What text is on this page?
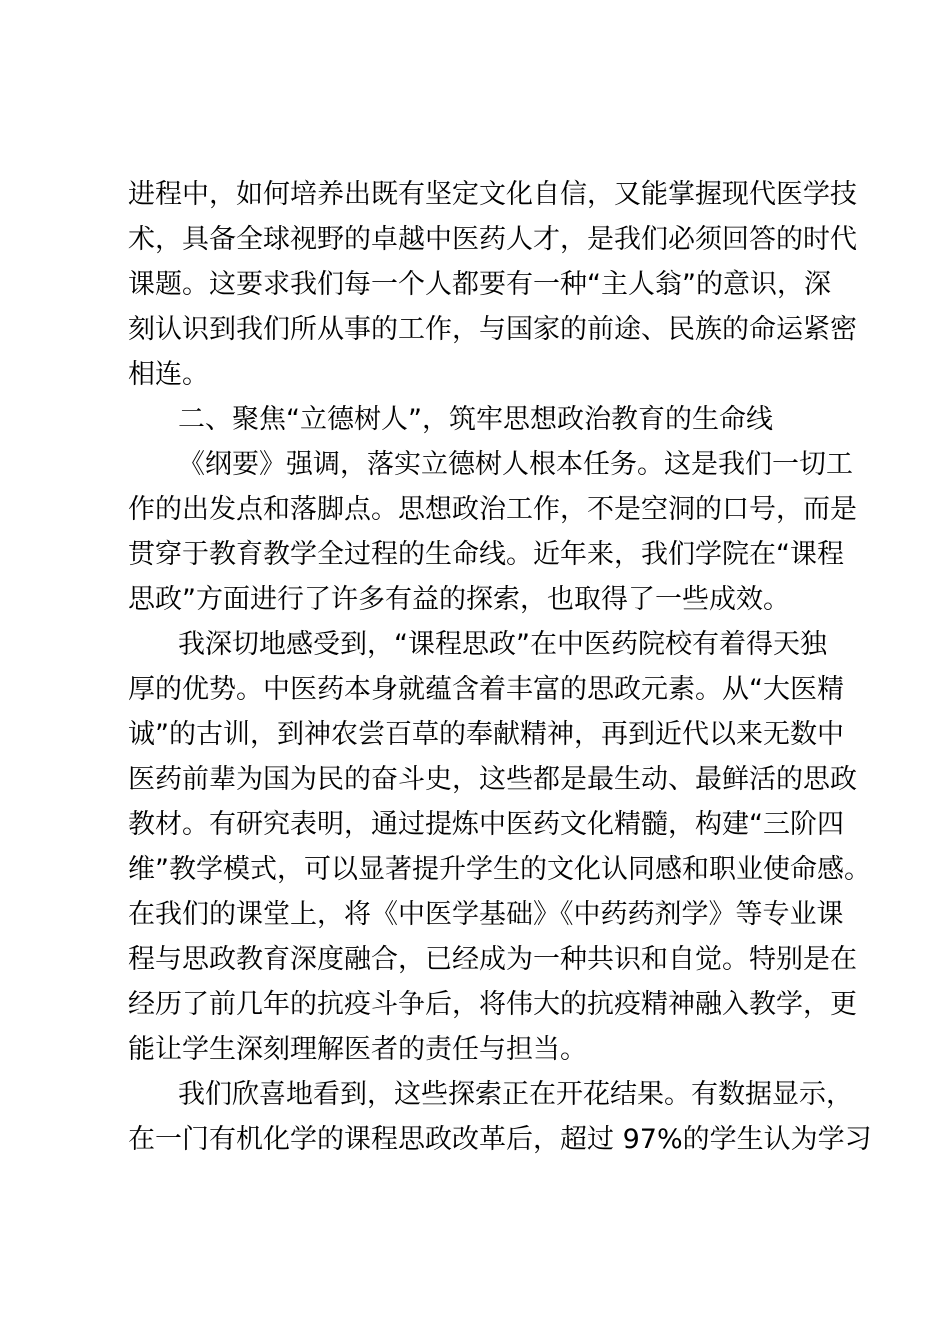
进程中，如何培养出既有坚定文化自信，又能掌握现代医学技
术，具备全球视野的卓越中医药人才，是我们必须回答的时代
课题。这要求我们每一个人都要有一种“主人翁”的意识，深
刻认识到我们所从事的工作，与国家的前途、民族的命运紧密
相连。
二、聚焦“立德树人”，筑牢思想政治教育的生命线
《纲要》强调，落实立德树人根本任务。这是我们一切工
作的出发点和落脚点。思想政治工作，不是空洞的口号，而是
贯穿于教育教学全过程的生命线。近年来，我们学院在“课程
思政”方面进行了许多有益的探索，也取得了一些成效。
我深切地感受到，“课程思政”在中医药院校有着得天独
厚的优势。中医药本身就蕴含着丰富的思政元素。从“大医精
诚”的古训，到神农尝百草的奉献精神，再到近代以来无数中
医药前辈为国为民的奋斗史，这些都是最生动、最鲜活的思政
教材。有研究表明，通过提炼中医药文化精髓，构建“三阶四
维”教学模式，可以显著提升学生的文化认同感和职业使命感。
在我们的课堂上，将《中医学基础》《中药药剂学》等专业课
程与思政教育深度融合，已经成为一种共识和自觉。特别是在
经历了前几年的抗疫斗争后，将伟大的抗疫精神融入教学，更
能让学生深刻理解医者的责任与担当。
我们欣喜地看到，这些探索正在开花结果。有数据显示，
在一门有机化学的课程思政改革后，超过 97%的学生认为学习
